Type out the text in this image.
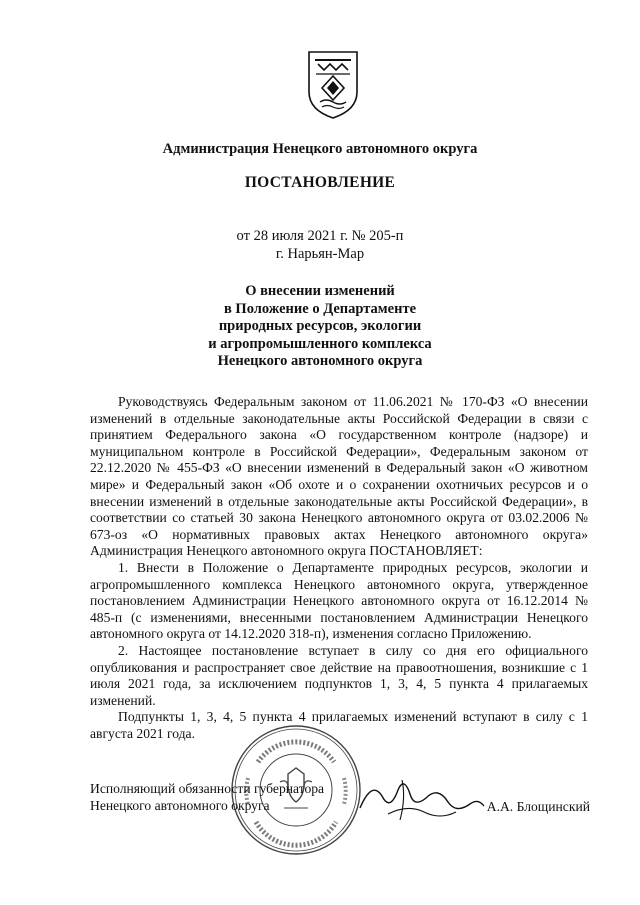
Администрация Ненецкого автономного округа
ПОСТАНОВЛЕНИЕ
от 28 июля 2021 г. № 205-п
г. Нарьян-Мар
О внесении изменений
в Положение о Департаменте
природных ресурсов, экологии
и агропромышленного комплекса
Ненецкого автономного округа

Руководствуясь Федеральным законом от 11.06.2021 № 170-ФЗ «О внесении изменений в отдельные законодательные акты Российской Федерации в связи с принятием Федерального закона «О государственном контроле (надзоре) и муниципальном контроле в Российской Федерации», Федеральным законом от 22.12.2020 № 455-ФЗ «О внесении изменений в Федеральный закон «О животном мире» и Федеральный закон «Об охоте и о сохранении охотничьих ресурсов и о внесении изменений в отдельные законодательные акты Российской Федерации», в соответствии со статьей 30 закона Ненецкого автономного округа от 03.02.2006 № 673-оз «О нормативных правовых актах Ненецкого автономного округа» Администрация Ненецкого автономного округа ПОСТАНОВЛЯЕТ:

1. Внести в Положение о Департаменте природных ресурсов, экологии и агропромышленного комплекса Ненецкого автономного округа, утвержденное постановлением Администрации Ненецкого автономного округа от 16.12.2014 № 485-п (с изменениями, внесенными постановлением Администрации Ненецкого автономного округа от 14.12.2020 318-п), изменения согласно Приложению.

2. Настоящее постановление вступает в силу со дня его официального опубликования и распространяет свое действие на правоотношения, возникшие с 1 июля 2021 года, за исключением подпунктов 1, 3, 4, 5 пункта 4 прилагаемых изменений.

Подпункты 1, 3, 4, 5 пункта 4 прилагаемых изменений вступают в силу с 1 августа 2021 года.

Исполняющий обязанности губернатора
Ненецкого автономного округа	А.А. Блощинский
